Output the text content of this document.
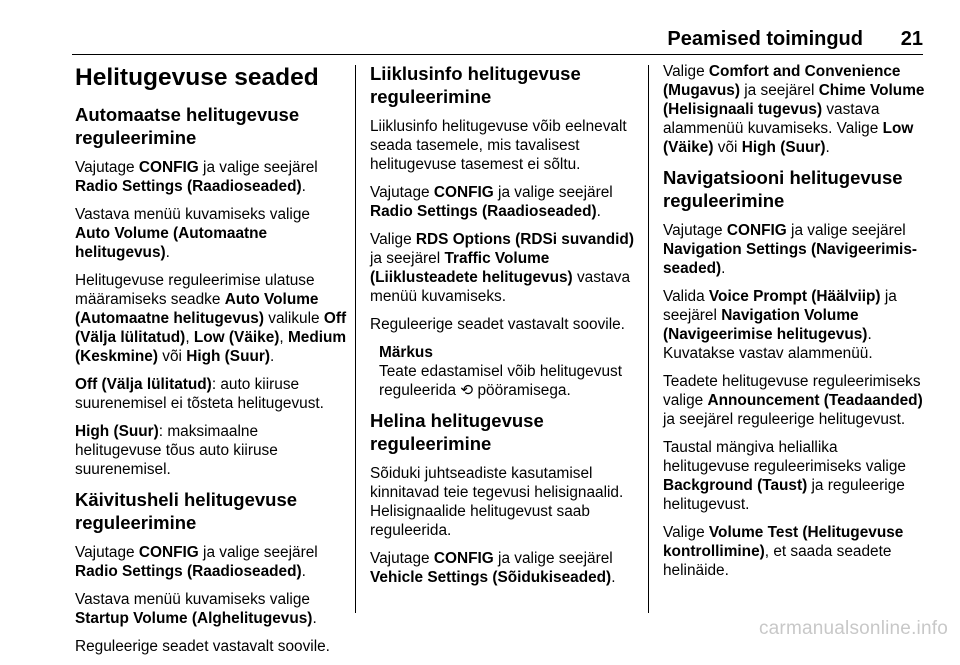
Peamised toimingud 21
Helitugevuse seaded
Automaatse helitugevuse reguleerimine

Vajutage CONFIG ja valige seejärel Radio Settings (Raadioseaded).

Vastava menüü kuvamiseks valige Auto Volume (Automaatne helitugevus).

Helitugevuse reguleerimise ulatuse määramiseks seadke Auto Volume (Automaatne helitugevus) valikule Off (Välja lülitatud), Low (Väike), Medium (Keskmine) või High (Suur).

Off (Välja lülitatud): auto kiiruse suurenemisel ei tõsteta helitugevust.

High (Suur): maksimaalne helitugevuse tõus auto kiiruse suurenemisel.

Käivitusheli helitugevuse reguleerimine

Vajutage CONFIG ja valige seejärel Radio Settings (Raadioseaded).

Vastava menüü kuvamiseks valige Startup Volume (Alghelitugevus).

Reguleerige seadet vastavalt soovile.

Liiklusinfo helitugevuse reguleerimine

Liiklusinfo helitugevuse võib eelnevalt seada tasemele, mis tavalisest helitugevuse tasemest ei sõltu.

Vajutage CONFIG ja valige seejärel Radio Settings (Raadioseaded).

Valige RDS Options (RDSi suvandid) ja seejärel Traffic Volume (Liiklusteadete helitugevus) vastava menüü kuvamiseks.

Reguleerige seadet vastavalt soovile.

Märkus
Teate edastamisel võib helitugevust reguleerida ⟲ pööramisega.

Helina helitugevuse reguleerimine

Sõiduki juhtseadiste kasutamisel kinnitavad teie tegevusi helisignaalid. Helisignaalide helitugevust saab reguleerida.

Vajutage CONFIG ja valige seejärel Vehicle Settings (Sõidukiseaded).

Valige Comfort and Convenience (Mugavus) ja seejärel Chime Volume (Helisignaali tugevus) vastava alammenüü kuvamiseks. Valige Low (Väike) või High (Suur).

Navigatsiooni helitugevuse reguleerimine

Vajutage CONFIG ja valige seejärel Navigation Settings (Navigeerimis-seaded).

Valida Voice Prompt (Häälviip) ja seejärel Navigation Volume (Navigeerimise helitugevus). Kuvatakse vastav alammenüü.

Teadete helitugevuse reguleerimiseks valige Announcement (Teadaanded) ja seejärel reguleerige helitugevust.

Taustal mängiva heliallika helitugevuse reguleerimiseks valige Background (Taust) ja reguleerige helitugevust.

Valige Volume Test (Helitugevuse kontrollimine), et saada seadete helinäide.

carmanualsonline.info
